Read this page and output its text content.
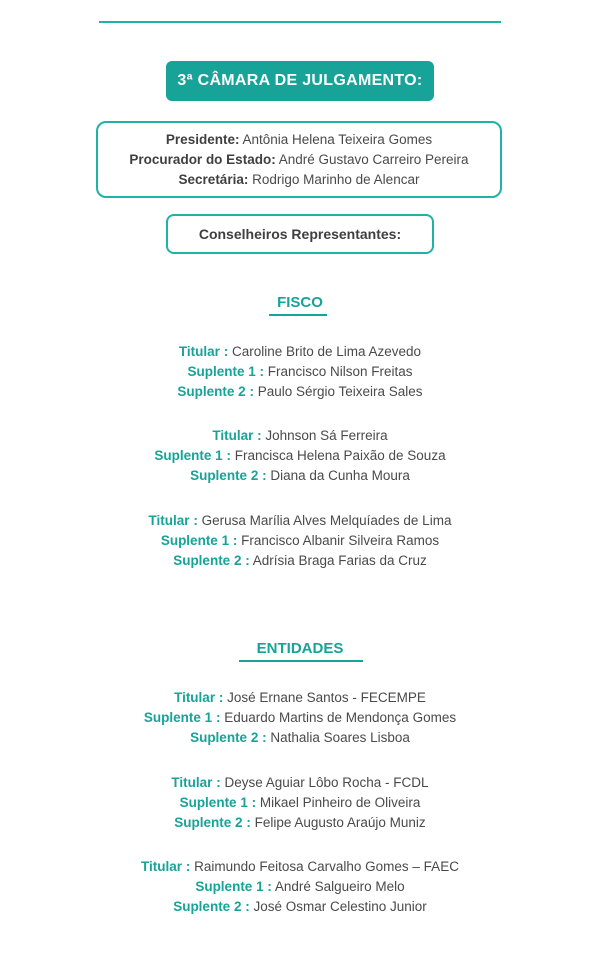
3ª CÂMARA DE JULGAMENTO:
Presidente: Antônia Helena Teixeira Gomes
Procurador do Estado: André Gustavo Carreiro Pereira
Secretária: Rodrigo Marinho de Alencar
Conselheiros Representantes:
FISCO
Titular : Caroline Brito de Lima Azevedo
Suplente 1 : Francisco Nilson Freitas
Suplente 2 : Paulo Sérgio Teixeira Sales
Titular : Johnson Sá Ferreira
Suplente 1 : Francisca Helena Paixão de Souza
Suplente 2 : Diana da Cunha Moura
Titular : Gerusa Marília Alves Melquíades de Lima
Suplente 1 : Francisco Albanir Silveira Ramos
Suplente 2 : Adrísia Braga Farias da Cruz
ENTIDADES
Titular : José Ernane Santos - FECEMPE
Suplente 1 : Eduardo Martins de Mendonça Gomes
Suplente 2 : Nathalia Soares Lisboa
Titular : Deyse Aguiar Lôbo Rocha - FCDL
Suplente 1 : Mikael Pinheiro de Oliveira
Suplente 2 : Felipe Augusto Araújo Muniz
Titular : Raimundo Feitosa Carvalho Gomes – FAEC
Suplente 1 : André Salgueiro Melo
Suplente 2 : José Osmar Celestino Junior
